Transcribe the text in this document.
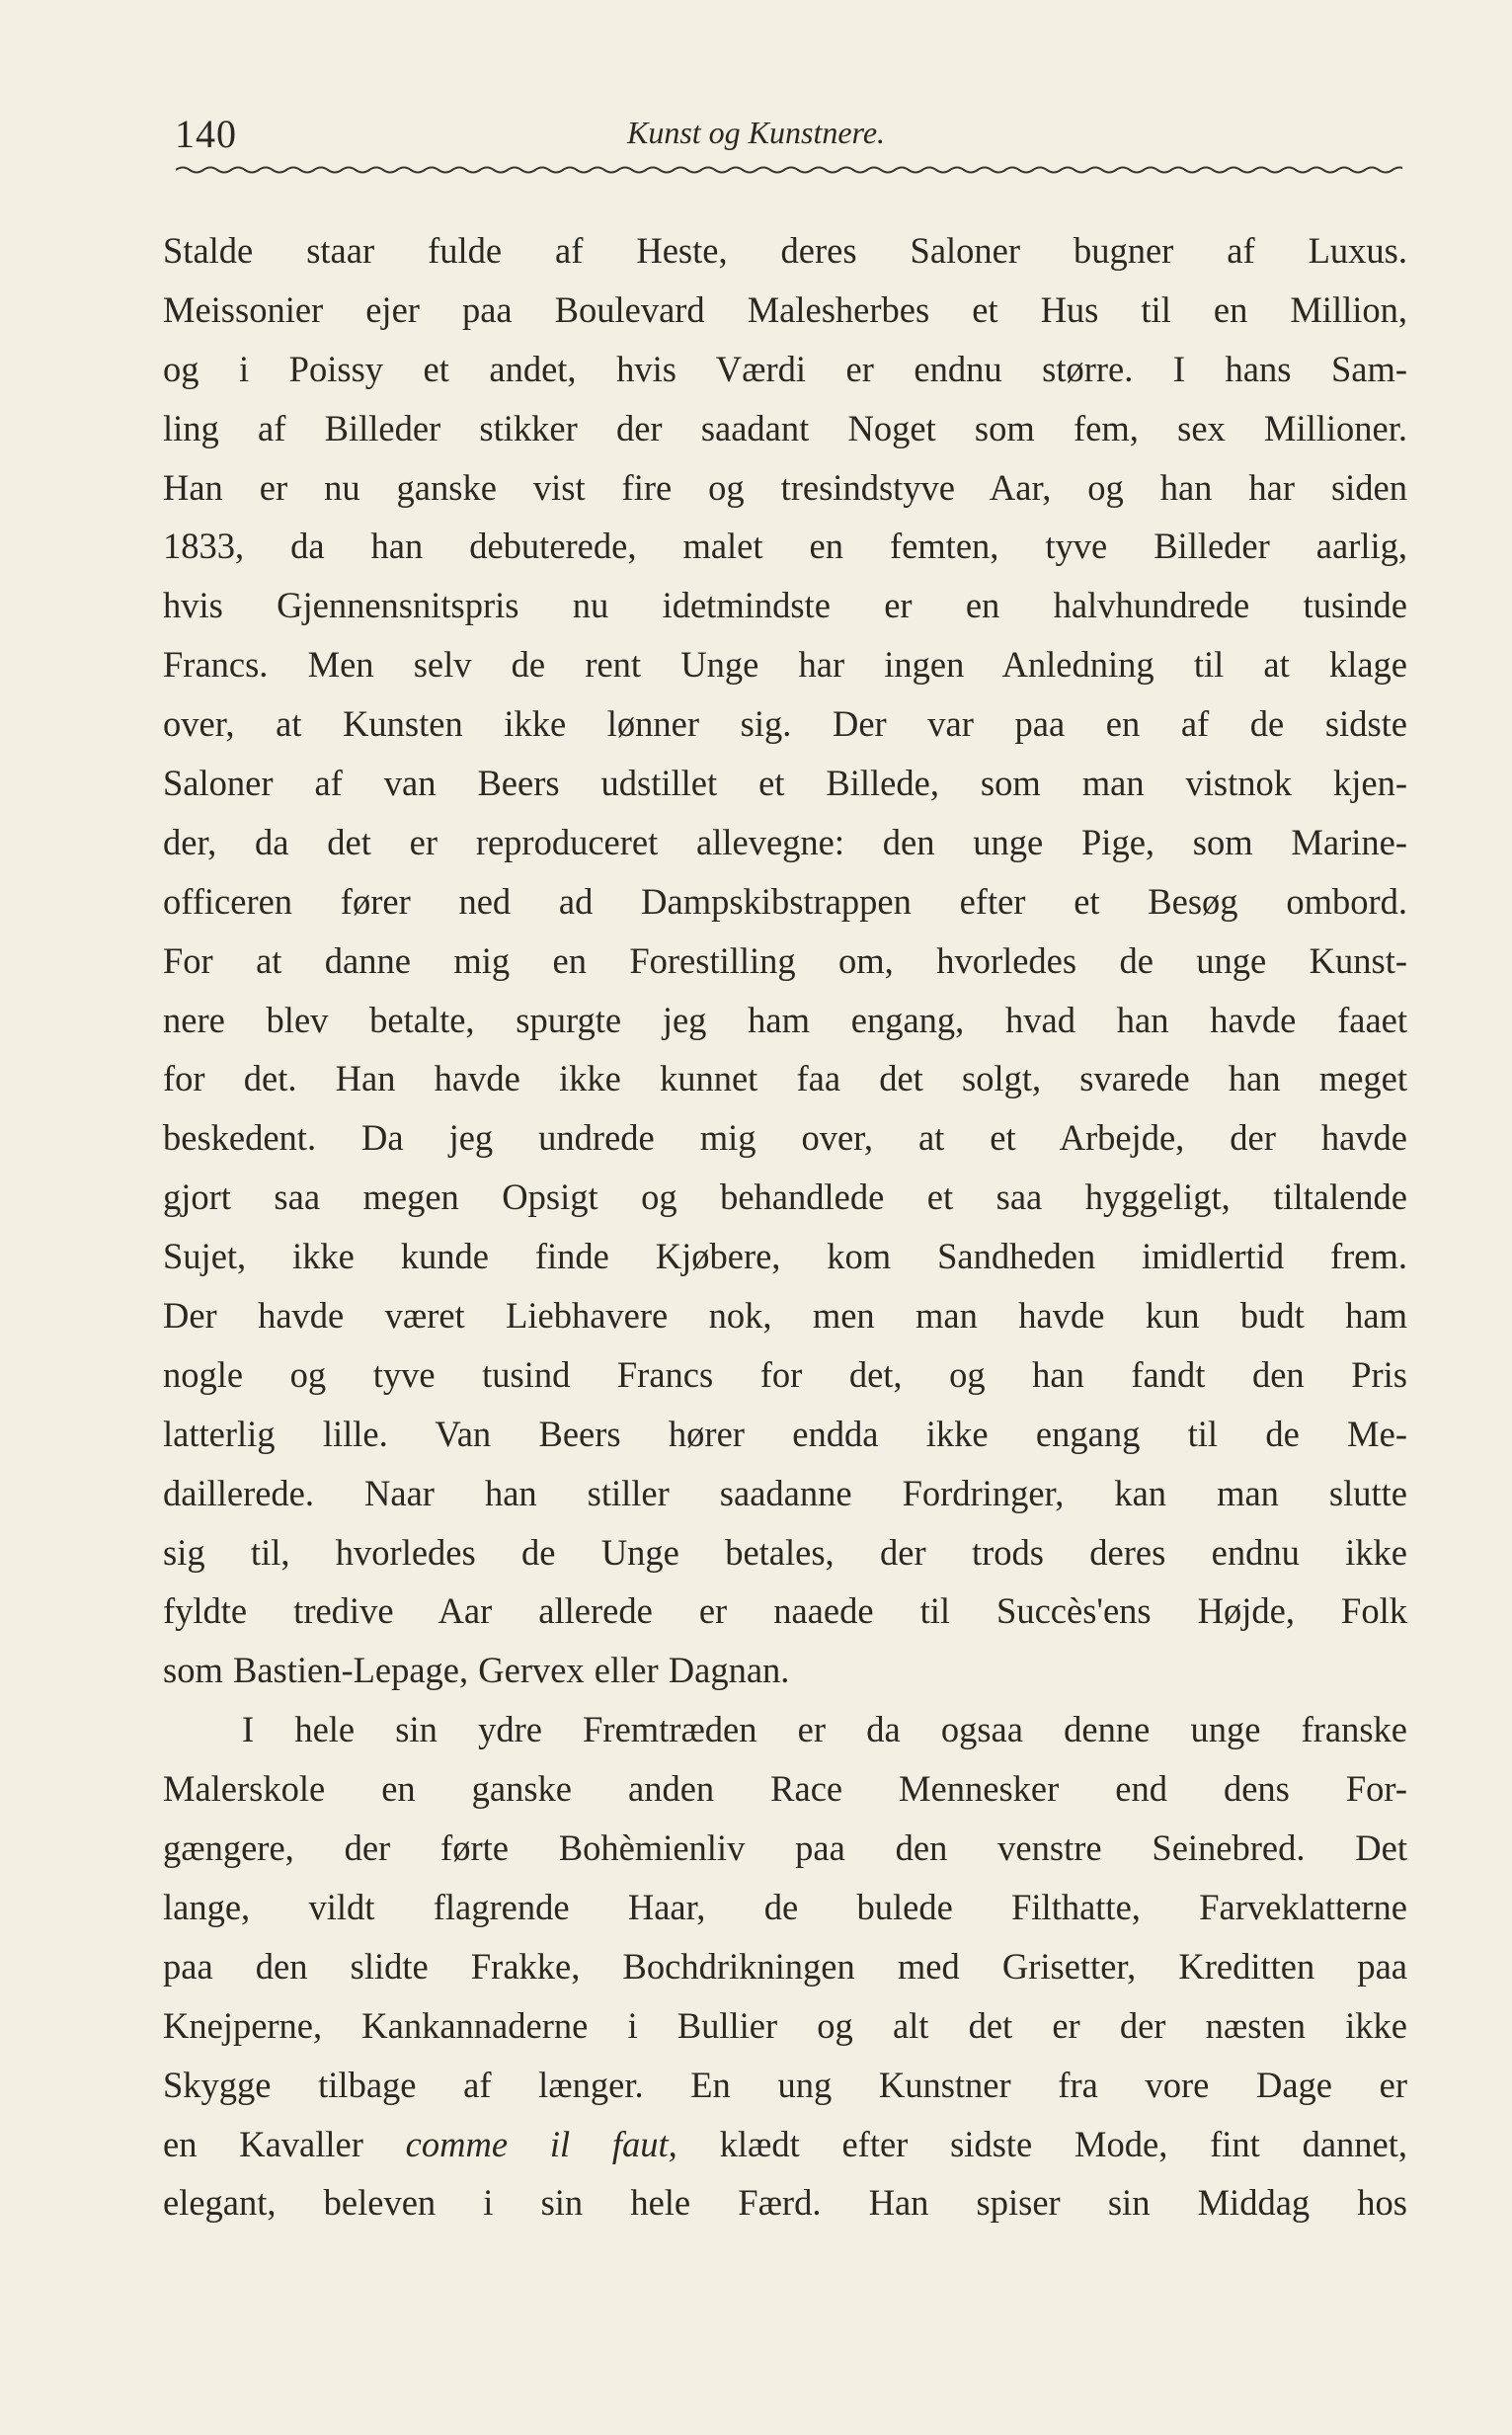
140	Kunst og Kunstnere.
Stalde staar fulde af Heste, deres Saloner bugner af Luxus.
Meissonier ejer paa Boulevard Malesherbes et Hus til en Million,
og i Poissy et andet, hvis Værdi er endnu større. I hans Sam-
ling af Billeder stikker der saadant Noget som fem, sex Millioner.
Han er nu ganske vist fire og tresindstyve Aar, og han har siden
1833, da han debuterede, malet en femten, tyve Billeder aarlig,
hvis Gjennensnitspris nu idetmindste er en halvhundrede tusinde
Francs. Men selv de rent Unge har ingen Anledning til at klage
over, at Kunsten ikke lønner sig. Der var paa en af de sidste
Saloner af van Beers udstillet et Billede, som man vistnok kjen-
der, da det er reproduceret allevegne: den unge Pige, som Marine-
officeren fører ned ad Dampskibstrappen efter et Besøg ombord.
For at danne mig en Forestilling om, hvorledes de unge Kunst-
nere blev betalte, spurgte jeg ham engang, hvad han havde faaet
for det. Han havde ikke kunnet faa det solgt, svarede han meget
beskedent. Da jeg undrede mig over, at et Arbejde, der havde
gjort saa megen Opsigt og behandlede et saa hyggeligt, tiltalende
Sujet, ikke kunde finde Kjøbere, kom Sandheden imidlertid frem.
Der havde været Liebhavere nok, men man havde kun budt ham
nogle og tyve tusind Francs for det, og han fandt den Pris
latterlig lille. Van Beers hører endda ikke engang til de Me-
daillerede. Naar han stiller saadanne Fordringer, kan man slutte
sig til, hvorledes de Unge betales, der trods deres endnu ikke
fyldte tredive Aar allerede er naaede til Succès'ens Højde, Folk
som Bastien-Lepage, Gervex eller Dagnan.
I hele sin ydre Fremtræden er da ogsaa denne unge franske
Malerskole en ganske anden Race Mennesker end dens For-
gængere, der førte Bohèmienliv paa den venstre Seinebred. Det
lange, vildt flagrende Haar, de bulede Filthatte, Farveklatterne
paa den slidte Frakke, Bochdrikningen med Grisetter, Kreditten paa
Knejperne, Kankannaderne i Bullier og alt det er der næsten ikke
Skygge tilbage af længer. En ung Kunstner fra vore Dage er
en Kavaller comme il faut, klædt efter sidste Mode, fint dannet,
elegant, beleven i sin hele Færd. Han spiser sin Middag hos
